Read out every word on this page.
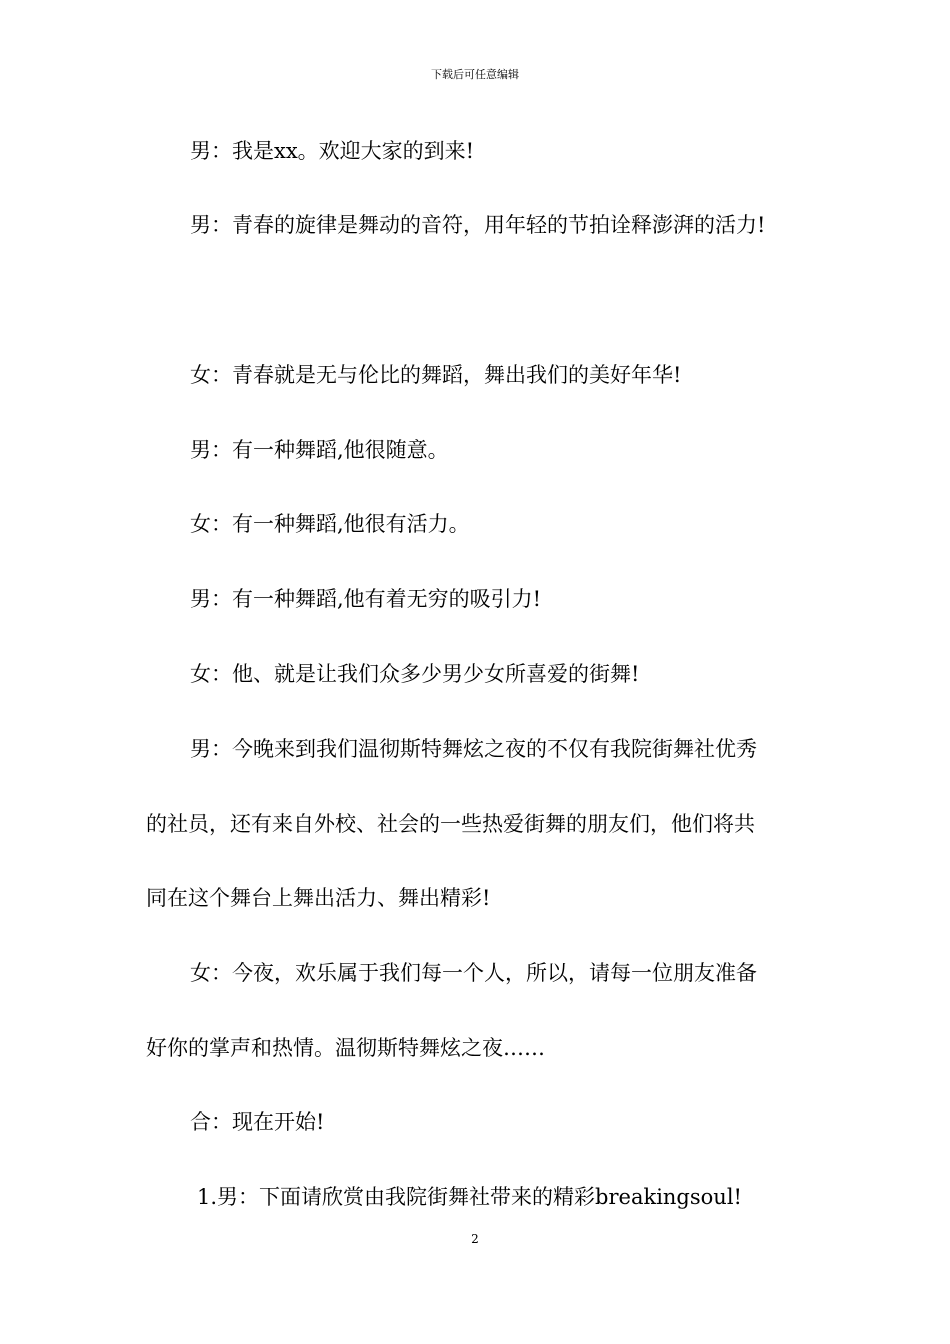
下载后可任意编辑

男：我是xx。欢迎大家的到来!

男：青春的旋律是舞动的音符，用年轻的节拍诠释澎湃的活力!

女：青春就是无与伦比的舞蹈，舞出我们的美好年华!

男：有一种舞蹈,他很随意。

女：有一种舞蹈,他很有活力。

男：有一种舞蹈,他有着无穷的吸引力!

女：他、就是让我们众多少男少女所喜爱的街舞!

男：今晚来到我们温彻斯特舞炫之夜的不仅有我院街舞社优秀

的社员，还有来自外校、社会的一些热爱街舞的朋友们，他们将共

同在这个舞台上舞出活力、舞出精彩!

女：今夜，欢乐属于我们每一个人，所以，请每一位朋友准备

好你的掌声和热情。温彻斯特舞炫之夜……

合：现在开始!

1.男：下面请欣赏由我院街舞社带来的精彩breakingsoul!

2
